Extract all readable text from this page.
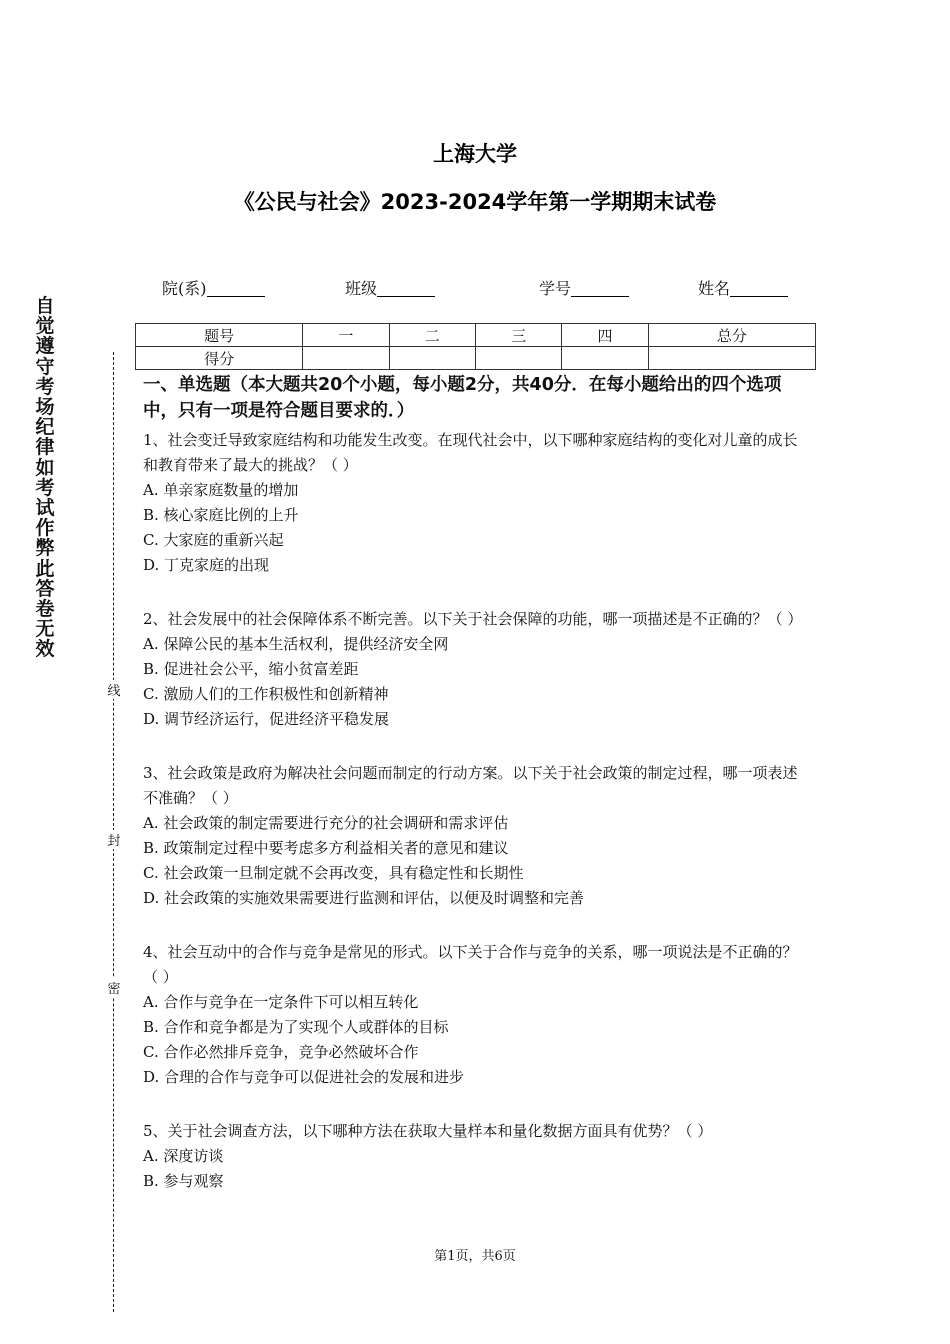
上海大学
《公民与社会》2023-2024学年第一学期期末试卷
院(系)	班级	学号	姓名
题号	一	二	三	四	总分
得分					
自觉遵守考场纪律如考试作弊此答卷无效
线
封
密
一、单选题（本大题共20个小题，每小题2分，共40分．在每小题给出的四个选项中，只有一项是符合题目要求的．）
1、社会变迁导致家庭结构和功能发生改变。在现代社会中，以下哪种家庭结构的变化对儿童的成长和教育带来了最大的挑战？（ ）
A. 单亲家庭数量的增加
B. 核心家庭比例的上升
C. 大家庭的重新兴起
D. 丁克家庭的出现
2、社会发展中的社会保障体系不断完善。以下关于社会保障的功能，哪一项描述是不正确的？（ ）
A. 保障公民的基本生活权利，提供经济安全网
B. 促进社会公平，缩小贫富差距
C. 激励人们的工作积极性和创新精神
D. 调节经济运行，促进经济平稳发展
3、社会政策是政府为解决社会问题而制定的行动方案。以下关于社会政策的制定过程，哪一项表述不准确？（ ）
A. 社会政策的制定需要进行充分的社会调研和需求评估
B. 政策制定过程中要考虑多方利益相关者的意见和建议
C. 社会政策一旦制定就不会再改变，具有稳定性和长期性
D. 社会政策的实施效果需要进行监测和评估，以便及时调整和完善
4、社会互动中的合作与竞争是常见的形式。以下关于合作与竞争的关系，哪一项说法是不正确的？（ ）
A. 合作与竞争在一定条件下可以相互转化
B. 合作和竞争都是为了实现个人或群体的目标
C. 合作必然排斥竞争，竞争必然破坏合作
D. 合理的合作与竞争可以促进社会的发展和进步
5、关于社会调查方法，以下哪种方法在获取大量样本和量化数据方面具有优势？（ ）
A. 深度访谈
B. 参与观察
第1页，共6页
